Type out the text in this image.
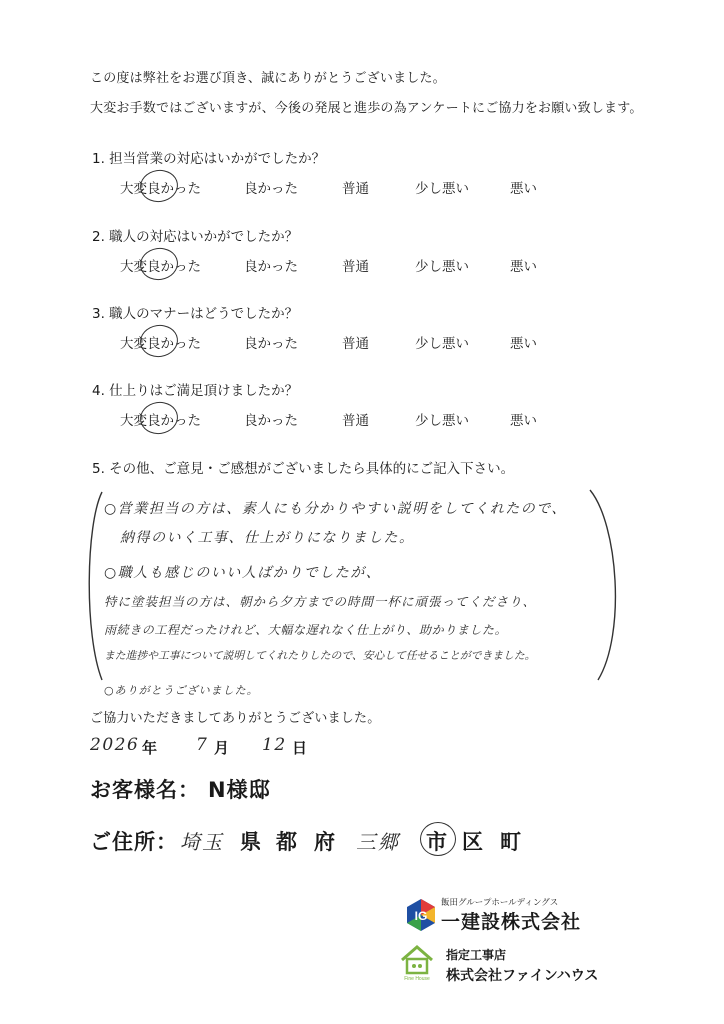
この度は弊社をお選び頂き、誠にありがとうございました。
大変お手数ではございますが、今後の発展と進歩の為アンケートにご協力をお願い致します。
1. 担当営業の対応はいかがでしたか？
大変良かった	良かった	普通	少し悪い	悪い
2. 職人の対応はいかがでしたか？
大変良かった	良かった	普通	少し悪い	悪い
3. 職人のマナーはどうでしたか？
大変良かった	良かった	普通	少し悪い	悪い
4. 仕上りはご満足頂けましたか？
大変良かった	良かった	普通	少し悪い	悪い
5. その他、ご意見・ご感想がございましたら具体的にご記入下さい。
○営業担当の方は、素人にも分かりやすい説明をしてくれたので、
納得のいく工事、仕上がりになりました。
○職人も感じのいい人ばかりでしたが、
特に塗装担当の方は、朝から夕方までの時間一杯に頑張ってくださり、
雨続きの工程だったけれど、大幅な遅れなく仕上がり、助かりました。
また進捗や工事について説明してくれたりしたので、安心して任せることができました。
○ありがとうございました。
ご協力いただきましてありがとうございました。
2026 年 7 月 12 日
お客様名： N様邸
ご住所： 埼玉 県 都 府 三郷 市 区 町
飯田グループホールディングス
IG 一建設株式会社
Fine House
指定工事店
株式会社ファインハウス
